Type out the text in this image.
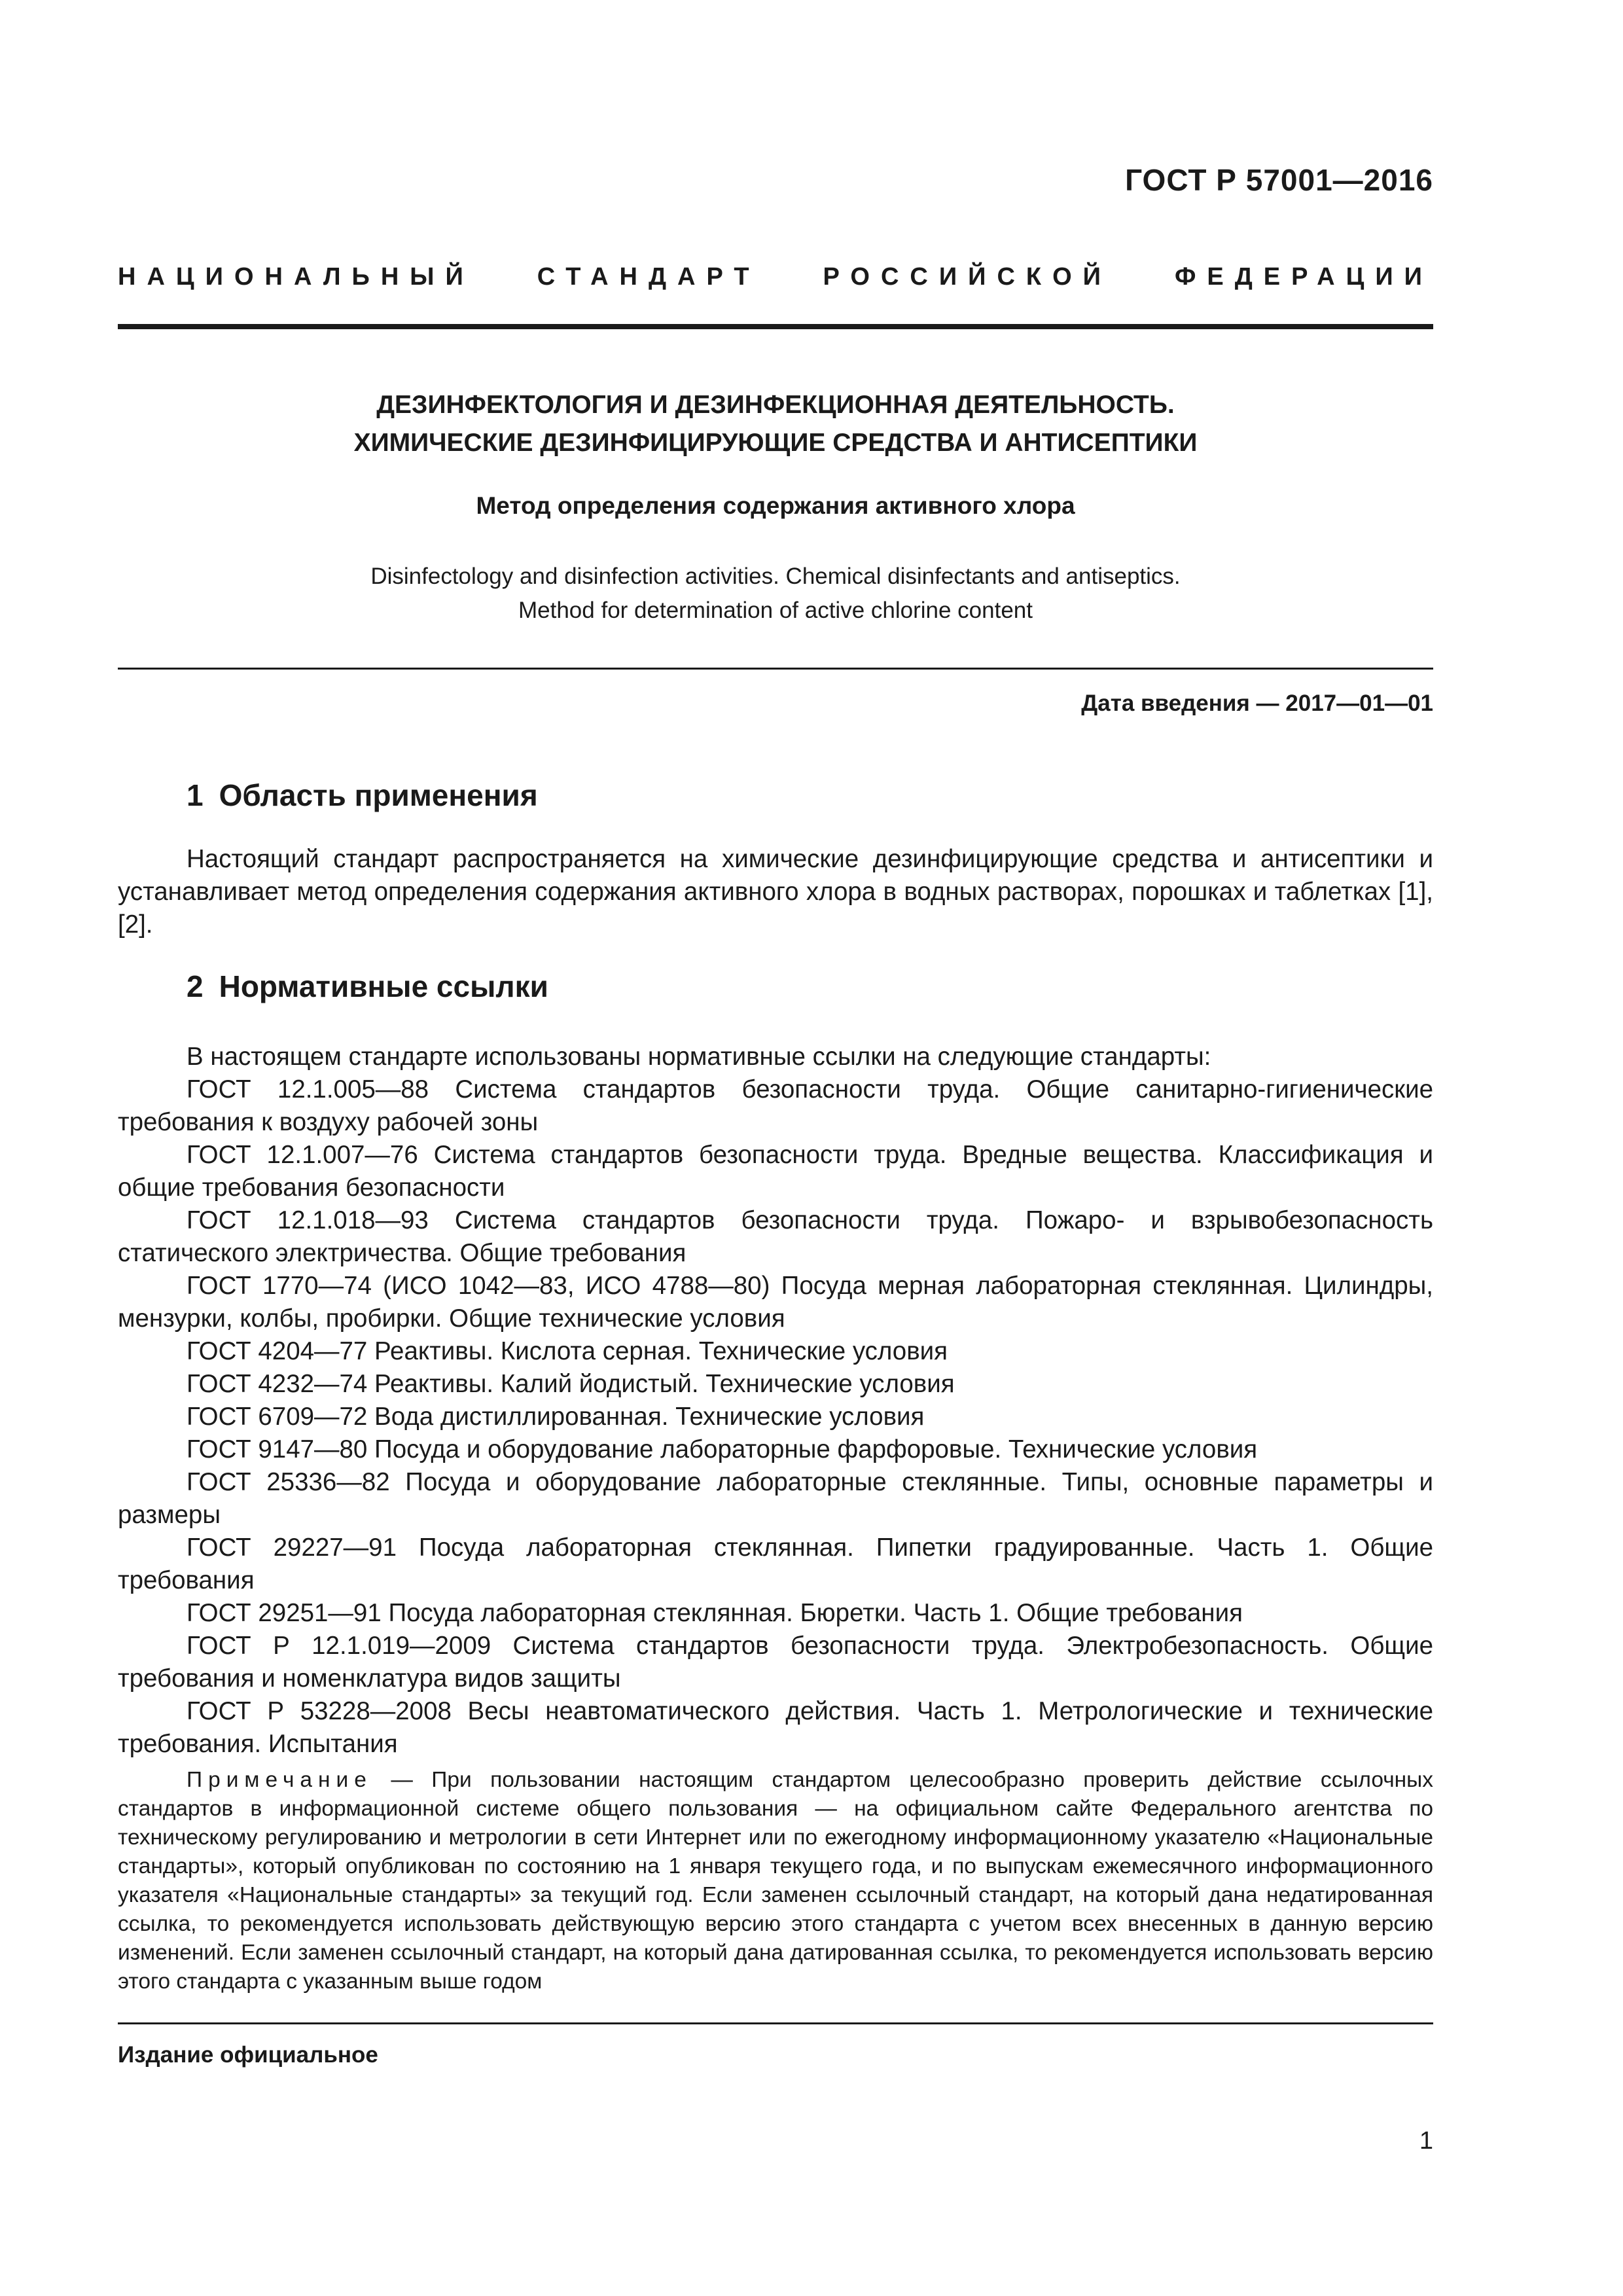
ГОСТ Р 57001—2016
НАЦИОНАЛЬНЫЙ	СТАНДАРТ	РОССИЙСКОЙ	ФЕДЕРАЦИИ
ДЕЗИНФЕКТОЛОГИЯ И ДЕЗИНФЕКЦИОННАЯ ДЕЯТЕЛЬНОСТЬ.
ХИМИЧЕСКИЕ ДЕЗИНФИЦИРУЮЩИЕ СРЕДСТВА И АНТИСЕПТИКИ
Метод определения содержания активного хлора
Disinfectology and disinfection activities. Chemical disinfectants and antiseptics.
Method for determination of active chlorine content
Дата введения — 2017—01—01
1 Область применения

Настоящий стандарт распространяется на химические дезинфицирующие средства и антисептики и устанавливает метод определения содержания активного хлора в водных растворах, порошках и таблетках [1], [2].

2 Нормативные ссылки

В настоящем стандарте использованы нормативные ссылки на следующие стандарты:

ГОСТ 12.1.005—88 Система стандартов безопасности труда. Общие санитарно-гигиенические требования к воздуху рабочей зоны

ГОСТ 12.1.007—76 Система стандартов безопасности труда. Вредные вещества. Классификация и общие требования безопасности

ГОСТ 12.1.018—93 Система стандартов безопасности труда. Пожаро- и взрывобезопасность статического электричества. Общие требования

ГОСТ 1770—74 (ИСО 1042—83, ИСО 4788—80) Посуда мерная лабораторная стеклянная. Цилиндры, мензурки, колбы, пробирки. Общие технические условия

ГОСТ 4204—77 Реактивы. Кислота серная. Технические условия

ГОСТ 4232—74 Реактивы. Калий йодистый. Технические условия

ГОСТ 6709—72 Вода дистиллированная. Технические условия

ГОСТ 9147—80 Посуда и оборудование лабораторные фарфоровые. Технические условия

ГОСТ 25336—82 Посуда и оборудование лабораторные стеклянные. Типы, основные параметры и размеры

ГОСТ 29227—91 Посуда лабораторная стеклянная. Пипетки градуированные. Часть 1. Общие требования

ГОСТ 29251—91 Посуда лабораторная стеклянная. Бюретки. Часть 1. Общие требования

ГОСТ Р 12.1.019—2009 Система стандартов безопасности труда. Электробезопасность. Общие требования и номенклатура видов защиты

ГОСТ Р 53228—2008 Весы неавтоматического действия. Часть 1. Метрологические и технические требования. Испытания

Примечание — При пользовании настоящим стандартом целесообразно проверить действие ссылочных стандартов в информационной системе общего пользования — на официальном сайте Федерального агентства по техническому регулированию и метрологии в сети Интернет или по ежегодному информационному указателю «Национальные стандарты», который опубликован по состоянию на 1 января текущего года, и по выпускам ежемесячного информационного указателя «Национальные стандарты» за текущий год. Если заменен ссылочный стандарт, на который дана недатированная ссылка, то рекомендуется использовать действующую версию этого стандарта с учетом всех внесенных в данную версию изменений. Если заменен ссылочный стандарт, на который дана датированная ссылка, то рекомендуется использовать версию этого стандарта с указанным выше годом
Издание официальное
1
